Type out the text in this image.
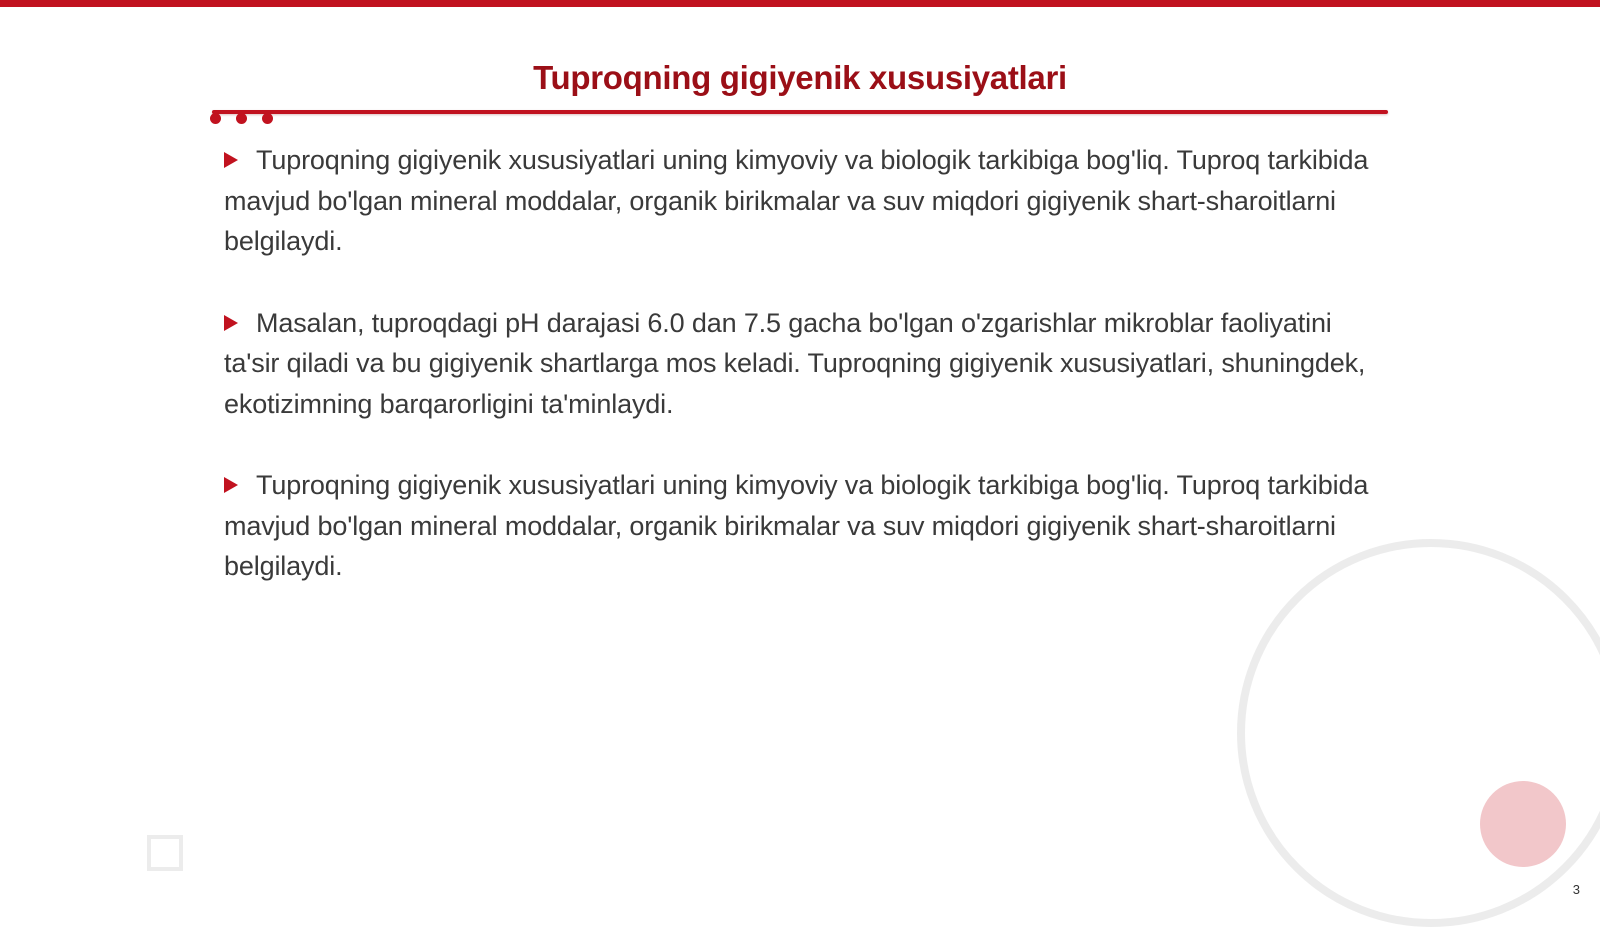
Tuproqning gigiyenik xususiyatlari

Tuproqning gigiyenik xususiyatlari uning kimyoviy va biologik tarkibiga bog'liq. Tuproq tarkibida mavjud bo'lgan mineral moddalar, organik birikmalar va suv miqdori gigiyenik shart-sharoitlarni belgilaydi.

Masalan, tuproqdagi pH darajasi 6.0 dan 7.5 gacha bo'lgan o'zgarishlar mikroblar faoliyatini ta'sir qiladi va bu gigiyenik shartlarga mos keladi. Tuproqning gigiyenik xususiyatlari, shuningdek, ekotizimning barqarorligini ta'minlaydi.

Tuproqning gigiyenik xususiyatlari uning kimyoviy va biologik tarkibiga bog'liq. Tuproq tarkibida mavjud bo'lgan mineral moddalar, organik birikmalar va suv miqdori gigiyenik shart-sharoitlarni belgilaydi.

3
